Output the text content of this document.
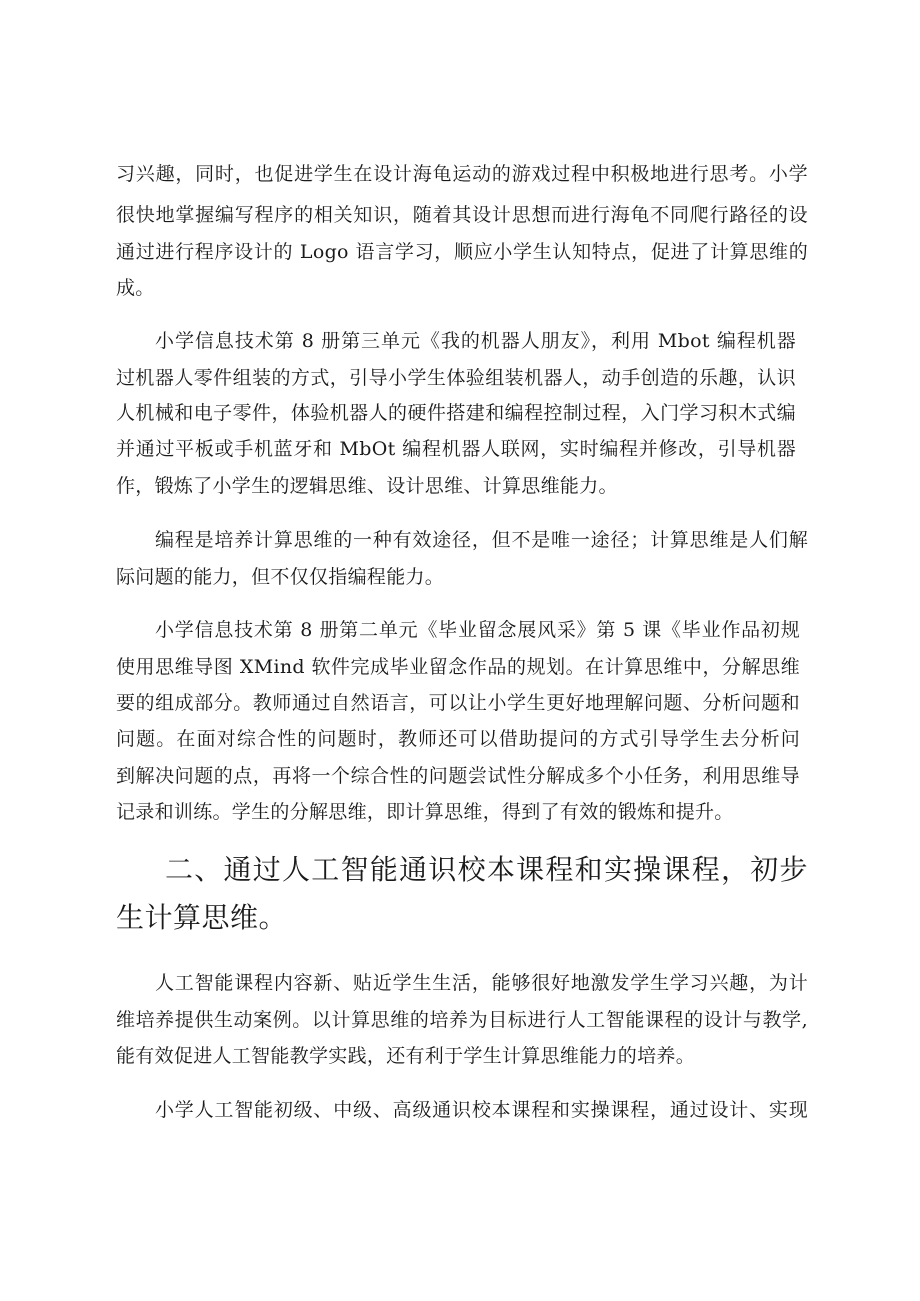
习兴趣，同时，也促进学生在设计海龟运动的游戏过程中积极地进行思考。小学
很快地掌握编写程序的相关知识，随着其设计思想而进行海龟不同爬行路径的设
通过进行程序设计的 Logo 语言学习，顺应小学生认知特点，促进了计算思维的
成。
小学信息技术第 8 册第三单元《我的机器人朋友》，利用 Mbot 编程机器
过机器人零件组装的方式，引导小学生体验组装机器人，动手创造的乐趣，认识
人机械和电子零件，体验机器人的硬件搭建和编程控制过程，入门学习积木式编
并通过平板或手机蓝牙和 MbOt 编程机器人联网，实时编程并修改，引导机器
作，锻炼了小学生的逻辑思维、设计思维、计算思维能力。
编程是培养计算思维的一种有效途径，但不是唯一途径；计算思维是人们解
际问题的能力，但不仅仅指编程能力。
小学信息技术第 8 册第二单元《毕业留念展风采》第 5 课《毕业作品初规
使用思维导图 XMind 软件完成毕业留念作品的规划。在计算思维中，分解思维
要的组成部分。教师通过自然语言，可以让小学生更好地理解问题、分析问题和
问题。在面对综合性的问题时，教师还可以借助提问的方式引导学生去分析问
到解决问题的点，再将一个综合性的问题尝试性分解成多个小任务，利用思维导
记录和训练。学生的分解思维，即计算思维，得到了有效的锻炼和提升。
二、通过人工智能通识校本课程和实操课程，初步
生计算思维。
人工智能课程内容新、贴近学生生活，能够很好地激发学生学习兴趣，为计
维培养提供生动案例。以计算思维的培养为目标进行人工智能课程的设计与教学,
能有效促进人工智能教学实践，还有利于学生计算思维能力的培养。
小学人工智能初级、中级、高级通识校本课程和实操课程，通过设计、实现
